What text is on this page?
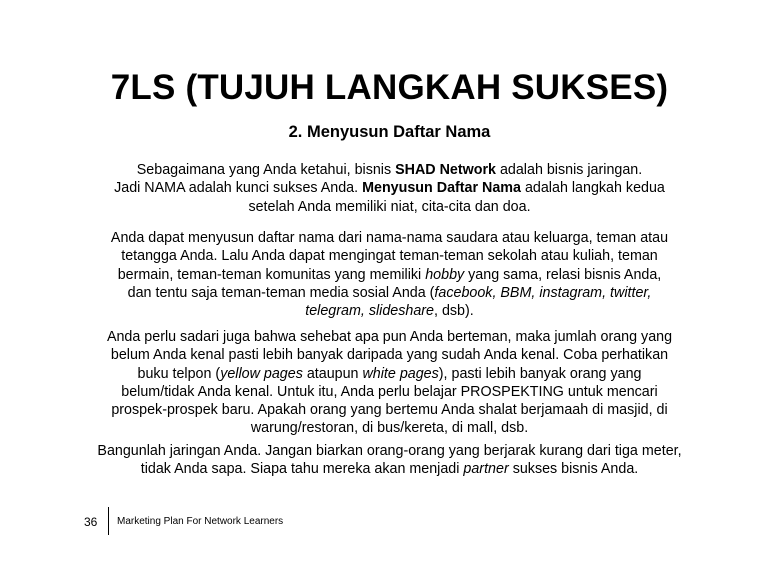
7LS (TUJUH LANGKAH SUKSES)
2. Menyusun Daftar Nama
Sebagaimana yang Anda ketahui, bisnis SHAD Network adalah bisnis jaringan.
Jadi NAMA adalah kunci sukses Anda. Menyusun Daftar Nama adalah langkah kedua
setelah Anda memiliki niat, cita-cita dan doa.
Anda dapat menyusun daftar nama dari nama-nama saudara atau keluarga, teman atau
tetangga Anda. Lalu Anda dapat mengingat teman-teman sekolah atau kuliah, teman
bermain, teman-teman komunitas yang memiliki hobby yang sama, relasi bisnis Anda,
dan tentu saja teman-teman media sosial Anda (facebook, BBM, instagram, twitter,
telegram, slideshare, dsb).
Anda perlu sadari juga bahwa sehebat apa pun Anda berteman, maka jumlah orang yang
belum Anda kenal pasti lebih banyak daripada yang sudah Anda kenal. Coba perhatikan
buku telpon (yellow pages ataupun white pages), pasti lebih banyak orang yang
belum/tidak Anda kenal. Untuk itu, Anda perlu belajar PROSPEKTING untuk mencari
prospek-prospek baru. Apakah orang yang bertemu Anda shalat berjamaah di masjid, di
warung/restoran, di bus/kereta, di mall, dsb.
Bangunlah jaringan Anda. Jangan biarkan orang-orang yang berjarak kurang dari tiga meter,
tidak Anda sapa. Siapa tahu mereka akan menjadi partner sukses bisnis Anda.
36 Marketing Plan For Network Learners
